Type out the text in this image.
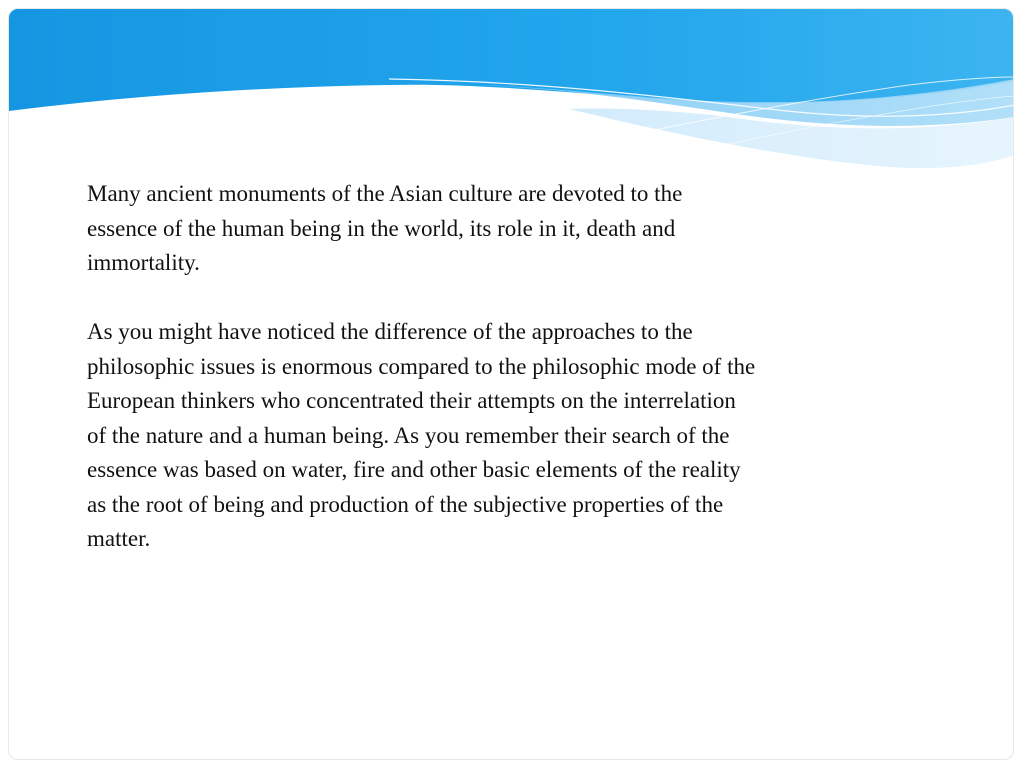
Many ancient monuments of the Asian culture are devoted to the
essence of the human being in the world, its role in it, death and
immortality.

As you might have noticed the difference of the approaches to the
philosophic issues is enormous compared to the philosophic mode of the
European thinkers who concentrated their attempts on the interrelation
of the nature and a human being. As you remember their search of the
essence was based on water, fire and other basic elements of the reality
as the root of being and production of the subjective properties of the
matter.
